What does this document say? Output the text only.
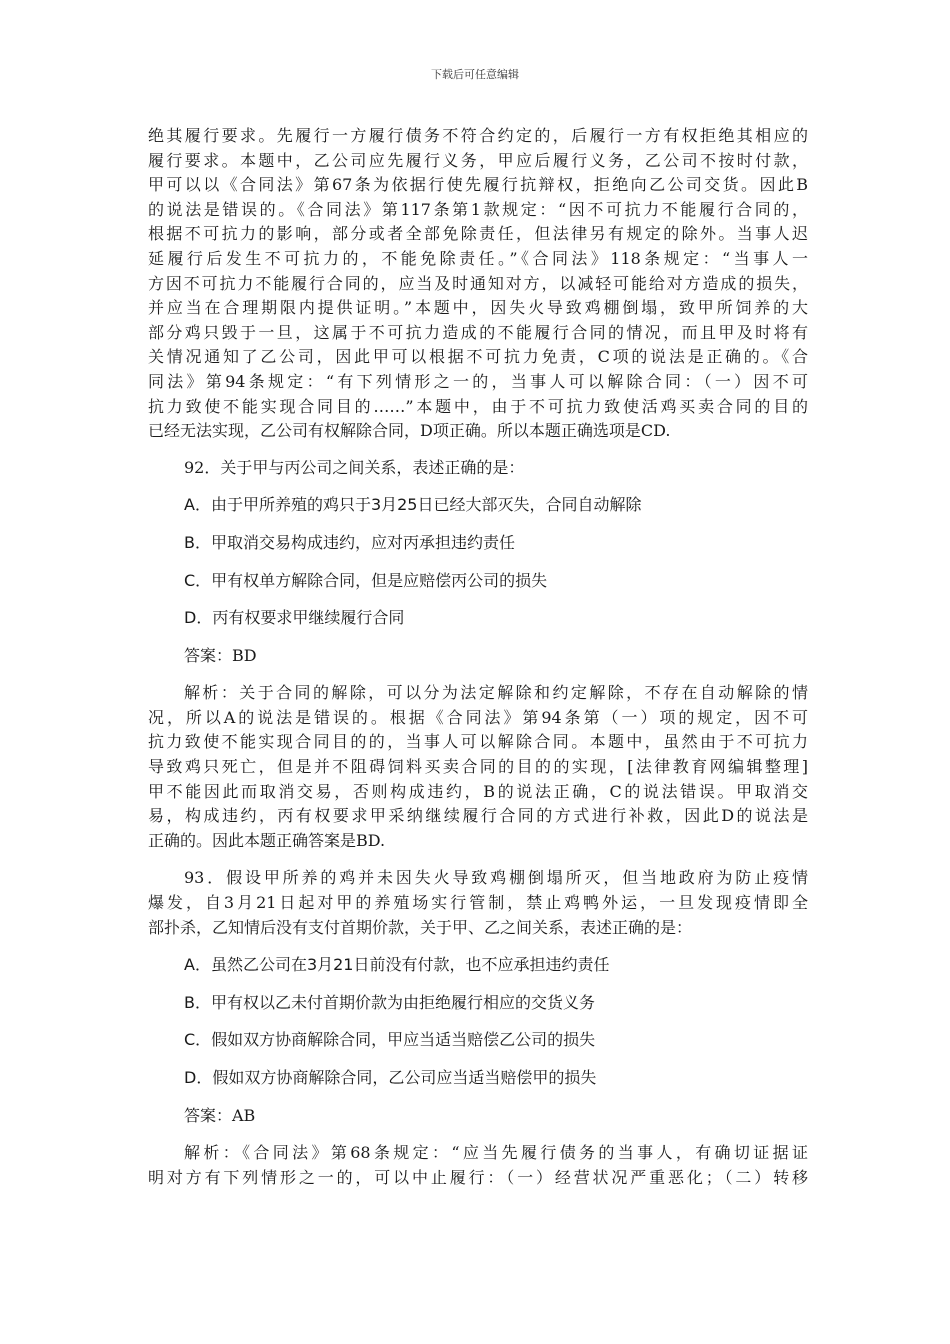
下载后可任意编辑
绝其履行要求。先履行一方履行债务不符合约定的，后履行一方有权拒绝其相应的
履行要求。本题中，乙公司应先履行义务，甲应后履行义务，乙公司不按时付款，
甲可以以《合同法》第67条为依据行使先履行抗辩权，拒绝向乙公司交货。因此B
的说法是错误的。《合同法》第117条第1款规定：“因不可抗力不能履行合同的，
根据不可抗力的影响，部分或者全部免除责任，但法律另有规定的除外。当事人迟
延履行后发生不可抗力的，不能免除责任。”《合同法》118条规定：“当事人一
方因不可抗力不能履行合同的，应当及时通知对方，以减轻可能给对方造成的损失，
并应当在合理期限内提供证明。”本题中，因失火导致鸡棚倒塌，致甲所饲养的大
部分鸡只毁于一旦，这属于不可抗力造成的不能履行合同的情况，而且甲及时将有
关情况通知了乙公司，因此甲可以根据不可抗力免责，C项的说法是正确的。《合
同法》第94条规定：“有下列情形之一的，当事人可以解除合同：（一）因不可
抗力致使不能实现合同目的……”本题中，由于不可抗力致使活鸡买卖合同的目的
已经无法实现，乙公司有权解除合同，D项正确。所以本题正确选项是CD.
92．关于甲与丙公司之间关系，表述正确的是：
A．由于甲所养殖的鸡只于3月25日已经大部灭失，合同自动解除
B．甲取消交易构成违约，应对丙承担违约责任
C．甲有权单方解除合同，但是应赔偿丙公司的损失
D．丙有权要求甲继续履行合同
答案：BD
解析：关于合同的解除，可以分为法定解除和约定解除，不存在自动解除的情
况，所以A的说法是错误的。根据《合同法》第94条第（一）项的规定，因不可
抗力致使不能实现合同目的的，当事人可以解除合同。本题中，虽然由于不可抗力
导致鸡只死亡，但是并不阻碍饲料买卖合同的目的的实现，[法律教育网编辑整理]
甲不能因此而取消交易，否则构成违约，B的说法正确，C的说法错误。甲取消交
易，构成违约，丙有权要求甲采纳继续履行合同的方式进行补救，因此D的说法是
正确的。因此本题正确答案是BD.
93．假设甲所养的鸡并未因失火导致鸡棚倒塌所灭，但当地政府为防止疫情
爆发，自3月21日起对甲的养殖场实行管制，禁止鸡鸭外运，一旦发现疫情即全
部扑杀，乙知情后没有支付首期价款，关于甲、乙之间关系，表述正确的是：
A．虽然乙公司在3月21日前没有付款，也不应承担违约责任
B．甲有权以乙未付首期价款为由拒绝履行相应的交货义务
C．假如双方协商解除合同，甲应当适当赔偿乙公司的损失
D．假如双方协商解除合同，乙公司应当适当赔偿甲的损失
答案：AB
解析：《合同法》第68条规定：“应当先履行债务的当事人，有确切证据证
明对方有下列情形之一的，可以中止履行：（一）经营状况严重恶化；（二）转移
